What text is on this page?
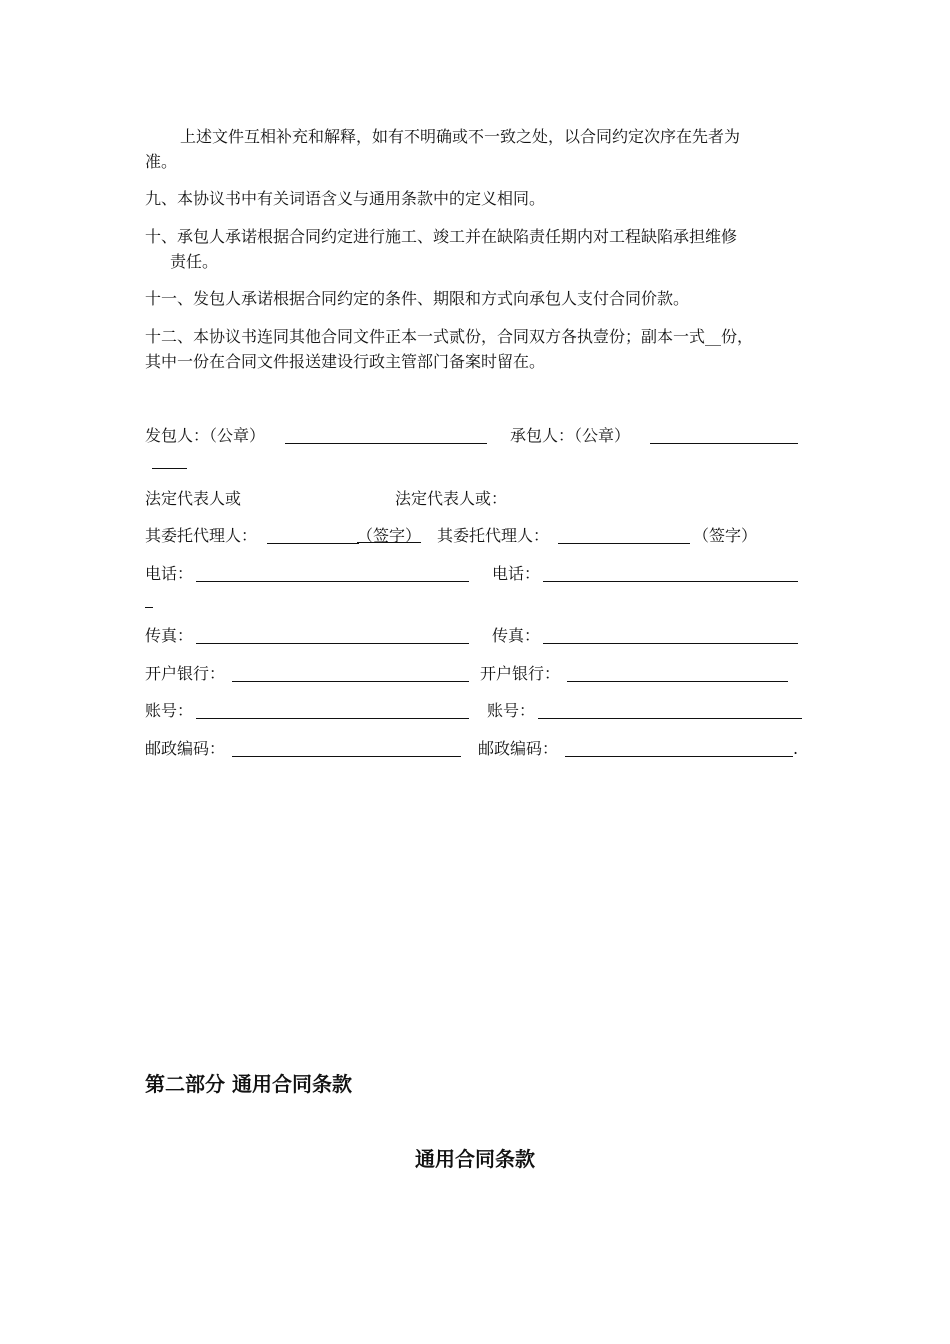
上述文件互相补充和解释，如有不明确或不一致之处，以合同约定次序在先者为
准。
九、本协议书中有关词语含义与通用条款中的定义相同。
十、承包人承诺根据合同约定进行施工、竣工并在缺陷责任期内对工程缺陷承担维修
责任。
十一、发包人承诺根据合同约定的条件、期限和方式向承包人支付合同价款。
十二、本协议书连同其他合同文件正本一式贰份，合同双方各执壹份；副本一式__份，
其中一份在合同文件报送建设行政主管部门备案时留在。
发包人：（公章）	承包人：（公章）
法定代表人或	法定代表人或：
其委托代理人：	（签字） 其委托代理人：	（签字）
电话：	电话：
传真：	传真：
开户银行：	开户银行：
账号：	账号：
邮政编码：	邮政编码：	.
第二部分 通用合同条款
通用合同条款
